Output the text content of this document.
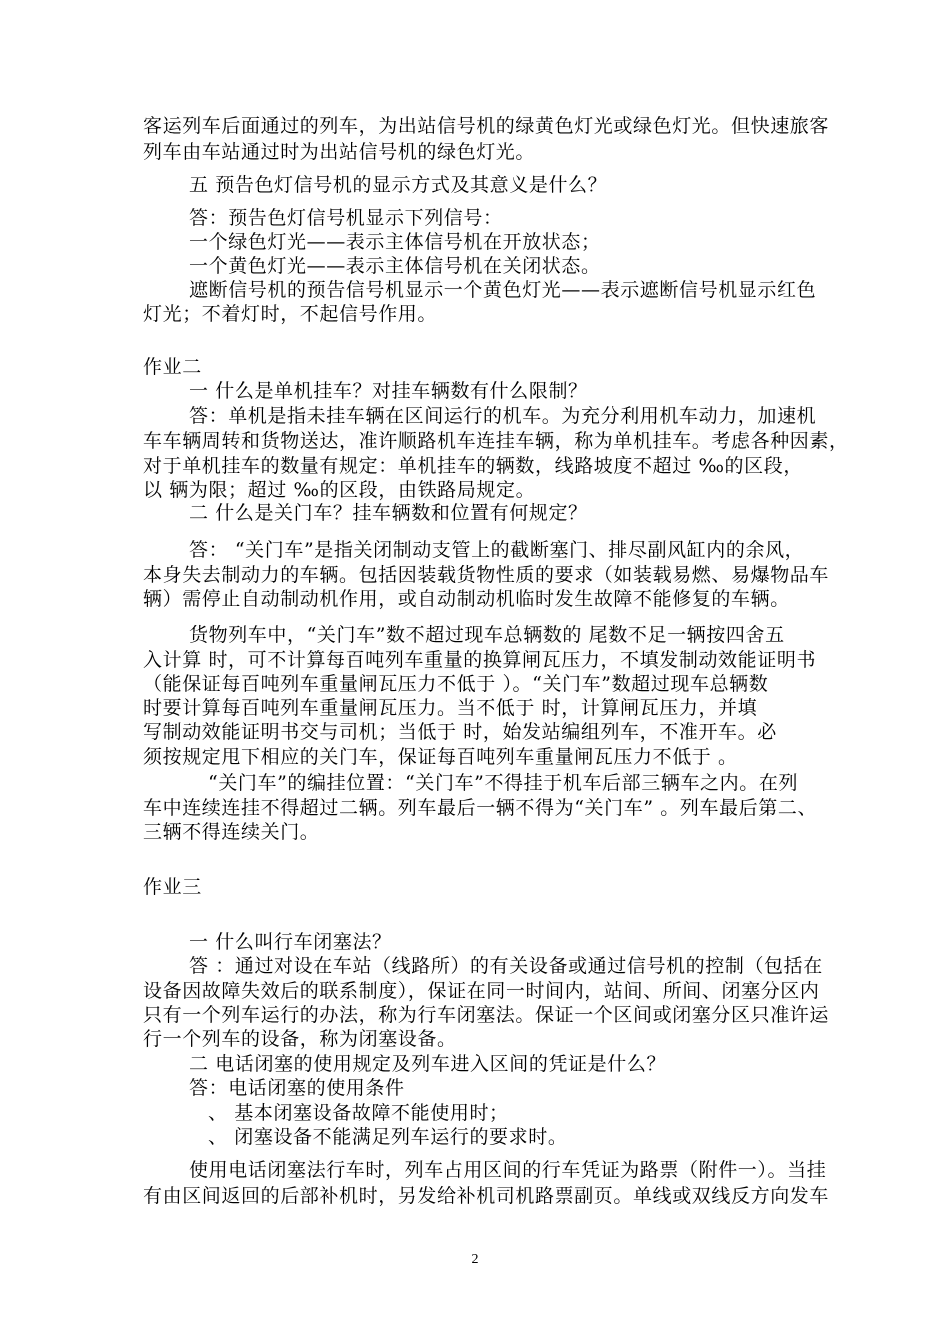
客运列车后面通过的列车，为出站信号机的绿黄色灯光或绿色灯光。但快速旅客
列车由车站通过时为出站信号机的绿色灯光。
五 预告色灯信号机的显示方式及其意义是什么？
答：预告色灯信号机显示下列信号：
一个绿色灯光——表示主体信号机在开放状态；
一个黄色灯光——表示主体信号机在关闭状态。
遮断信号机的预告信号机显示一个黄色灯光——表示遮断信号机显示红色
灯光；不着灯时，不起信号作用。
作业二
一 什么是单机挂车？对挂车辆数有什么限制？
答：单机是指未挂车辆在区间运行的机车。为充分利用机车动力，加速机
车车辆周转和货物送达，准许顺路机车连挂车辆，称为单机挂车。考虑各种因素，
对于单机挂车的数量有规定：单机挂车的辆数，线路坡度不超过 ‰的区段，
以 辆为限；超过 ‰的区段，由铁路局规定。
二 什么是关门车？挂车辆数和位置有何规定？
答： “关门车”是指关闭制动支管上的截断塞门、排尽副风缸内的余风，
本身失去制动力的车辆。包括因装载货物性质的要求（如装载易燃、易爆物品车
辆）需停止自动制动机作用，或自动制动机临时发生故障不能修复的车辆。
货物列车中，“关门车”数不超过现车总辆数的 尾数不足一辆按四舍五
入计算 时，可不计算每百吨列车重量的换算闸瓦压力，不填发制动效能证明书
（能保证每百吨列车重量闸瓦压力不低于 ）。“关门车”数超过现车总辆数
时要计算每百吨列车重量闸瓦压力。当不低于 时，计算闸瓦压力，并填
写制动效能证明书交与司机；当低于 时，始发站编组列车，不准开车。必
须按规定甩下相应的关门车，保证每百吨列车重量闸瓦压力不低于 。
“关门车”的编挂位置：“关门车”不得挂于机车后部三辆车之内。在列
车中连续连挂不得超过二辆。列车最后一辆不得为“关门车” 。列车最后第二、
三辆不得连续关门。
作业三
一 什么叫行车闭塞法？
答 ：通过对设在车站（线路所）的有关设备或通过信号机的控制（包括在
设备因故障失效后的联系制度），保证在同一时间内，站间、所间、闭塞分区内
只有一个列车运行的办法，称为行车闭塞法。保证一个区间或闭塞分区只准许运
行一个列车的设备，称为闭塞设备。
二 电话闭塞的使用规定及列车进入区间的凭证是什么？
答：电话闭塞的使用条件
、 基本闭塞设备故障不能使用时；
、 闭塞设备不能满足列车运行的要求时。
使用电话闭塞法行车时，列车占用区间的行车凭证为路票（附件一）。当挂
有由区间返回的后部补机时，另发给补机司机路票副页。单线或双线反方向发车
2
